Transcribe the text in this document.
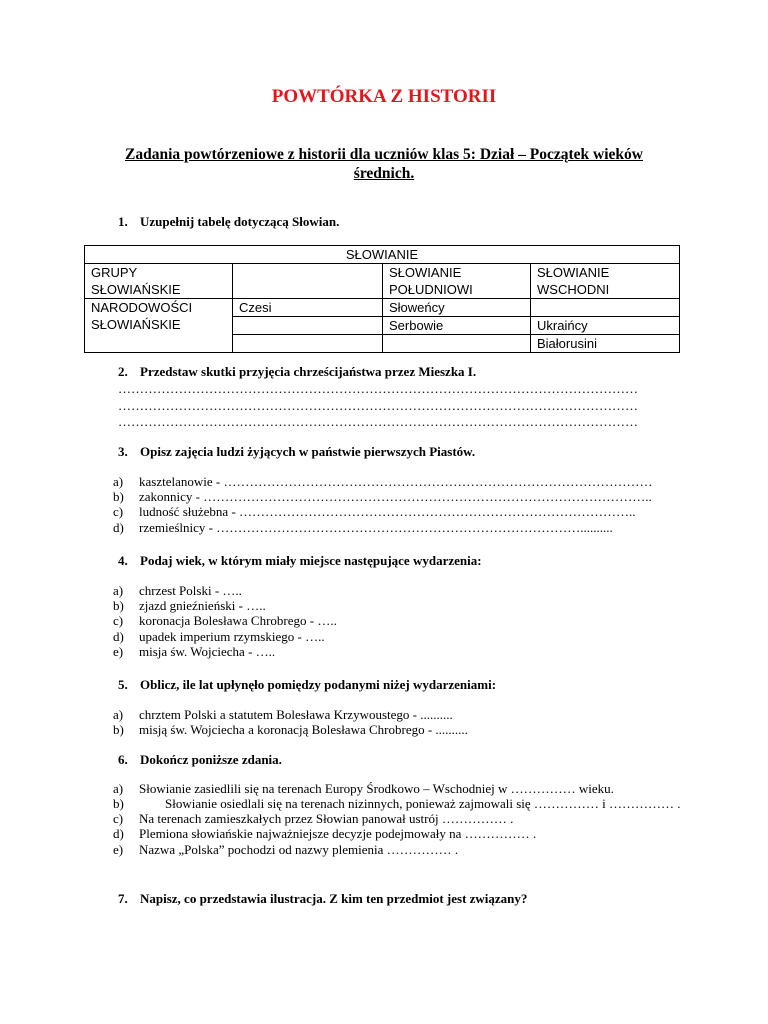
POWTÓRKA Z HISTORII
Zadania powtórzeniowe z historii dla uczniów klas 5: Dział – Początek wieków średnich.
1. Uzupełnij tabelę dotyczącą Słowian.
SŁOWIANIE			
GRUPY SŁOWIAŃSKIE		SŁOWIANIE POŁUDNIOWI	SŁOWIANIE WSCHODNI
NARODOWOŚCI SŁOWIAŃSKIE	Czesi	Słoweńcy	
		Serbowie	Ukraińcy
			Białorusini
2. Przedstaw skutki przyjęcia chrześcijaństwa przez Mieszka I.
…………………………………………………………………………………………………………
…………………………………………………………………………………………………………
…………………………………………………………………………………………………………
3. Opisz zajęcia ludzi żyjących w państwie pierwszych Piastów.
a) kasztelanowie - ………………………………………………………………………………………
b) zakonnicy - …………………………………………………………………………………………..
c) ludność służebna - ………………………………………………………………………………..
d) rzemieślnicy - …………………………………………………………………………..........
4. Podaj wiek, w którym miały miejsce następujące wydarzenia:
a) chrzest Polski - …..
b) zjazd gnieźnieński - …..
c) koronacja Bolesława Chrobrego - …..
d) upadek imperium rzymskiego - …..
e) misja św. Wojciecha - …..
5. Oblicz, ile lat upłynęło pomiędzy podanymi niżej wydarzeniami:
a) chrztem Polski a statutem Bolesława Krzywoustego - ..........
b) misją św. Wojciecha a koronacją Bolesława Chrobrego - ..........
6. Dokończ poniższe zdania.
a) Słowianie zasiedlili się na terenach Europy Środkowo – Wschodniej w …………… wieku.
b)	Słowianie osiedlali się na terenach nizinnych, ponieważ zajmowali się …………… i …………… .
c) Na terenach zamieszkałych przez Słowian panował ustrój …………… .
d) Plemiona słowiańskie najważniejsze decyzje podejmowały na …………… .
e) Nazwa „Polska” pochodzi od nazwy plemienia …………… .
7. Napisz, co przedstawia ilustracja. Z kim ten przedmiot jest związany?
